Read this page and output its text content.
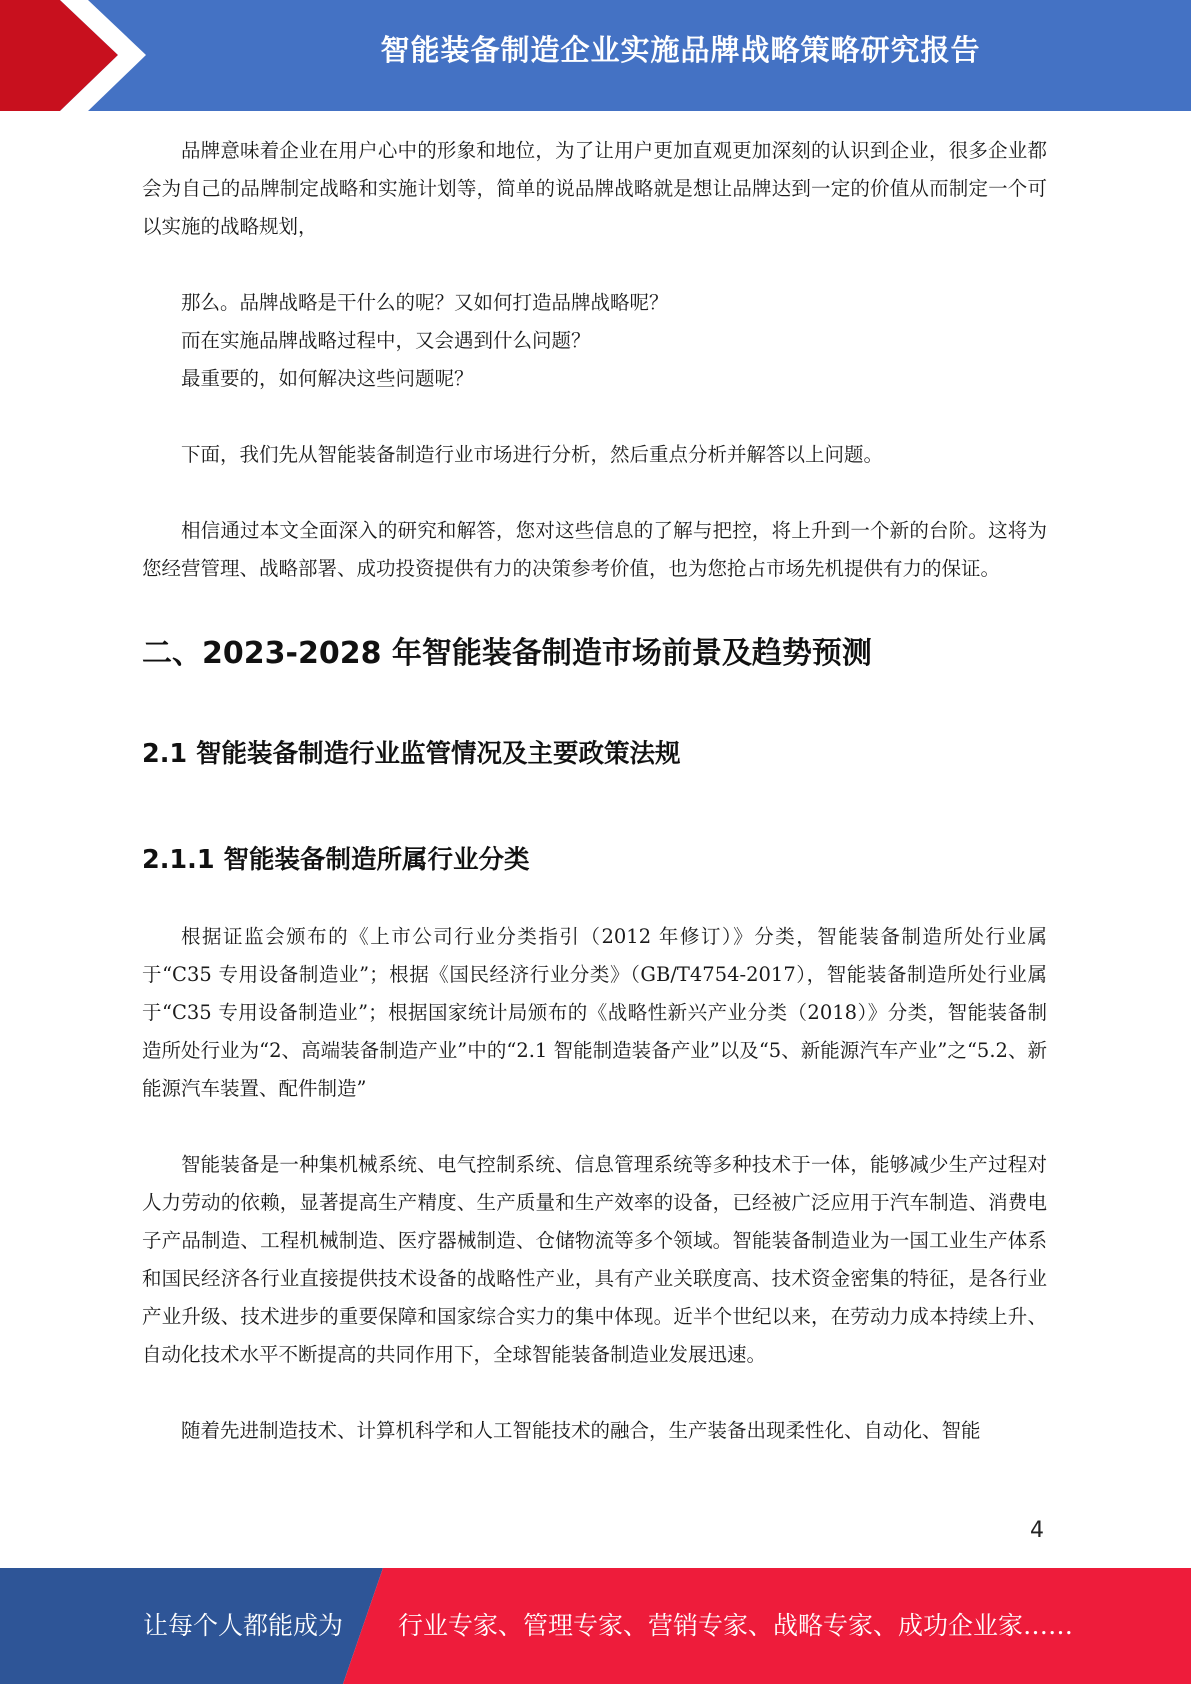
智能装备制造企业实施品牌战略策略研究报告

品牌意味着企业在用户心中的形象和地位，为了让用户更加直观更加深刻的认识到企业，很多企业都会为自己的品牌制定战略和实施计划等，简单的说品牌战略就是想让品牌达到一定的价值从而制定一个可以实施的战略规划，

那么。品牌战略是干什么的呢？又如何打造品牌战略呢？

而在实施品牌战略过程中，又会遇到什么问题？

最重要的，如何解决这些问题呢？

下面，我们先从智能装备制造行业市场进行分析，然后重点分析并解答以上问题。

相信通过本文全面深入的研究和解答，您对这些信息的了解与把控，将上升到一个新的台阶。这将为您经营管理、战略部署、成功投资提供有力的决策参考价值，也为您抢占市场先机提供有力的保证。

二、2023-2028 年智能装备制造市场前景及趋势预测
2.1 智能装备制造行业监管情况及主要政策法规
2.1.1 智能装备制造所属行业分类

根据证监会颁布的《上市公司行业分类指引（2012 年修订）》分类，智能装备制造所处行业属于“C35 专用设备制造业”；根据《国民经济行业分类》（GB/T4754-2017），智能装备制造所处行业属于“C35 专用设备制造业”；根据国家统计局颁布的《战略性新兴产业分类（2018）》分类，智能装备制造所处行业为“2、高端装备制造产业”中的“2.1 智能制造装备产业”以及“5、新能源汽车产业”之“5.2、新能源汽车装置、配件制造”

智能装备是一种集机械系统、电气控制系统、信息管理系统等多种技术于一体，能够减少生产过程对人力劳动的依赖，显著提高生产精度、生产质量和生产效率的设备，已经被广泛应用于汽车制造、消费电子产品制造、工程机械制造、医疗器械制造、仓储物流等多个领域。智能装备制造业为一国工业生产体系和国民经济各行业直接提供技术设备的战略性产业，具有产业关联度高、技术资金密集的特征，是各行业产业升级、技术进步的重要保障和国家综合实力的集中体现。近半个世纪以来，在劳动力成本持续上升、自动化技术水平不断提高的共同作用下，全球智能装备制造业发展迅速。

随着先进制造技术、计算机科学和人工智能技术的融合，生产装备出现柔性化、自动化、智能

4
让每个人都能成为 行业专家、管理专家、营销专家、战略专家、成功企业家……
